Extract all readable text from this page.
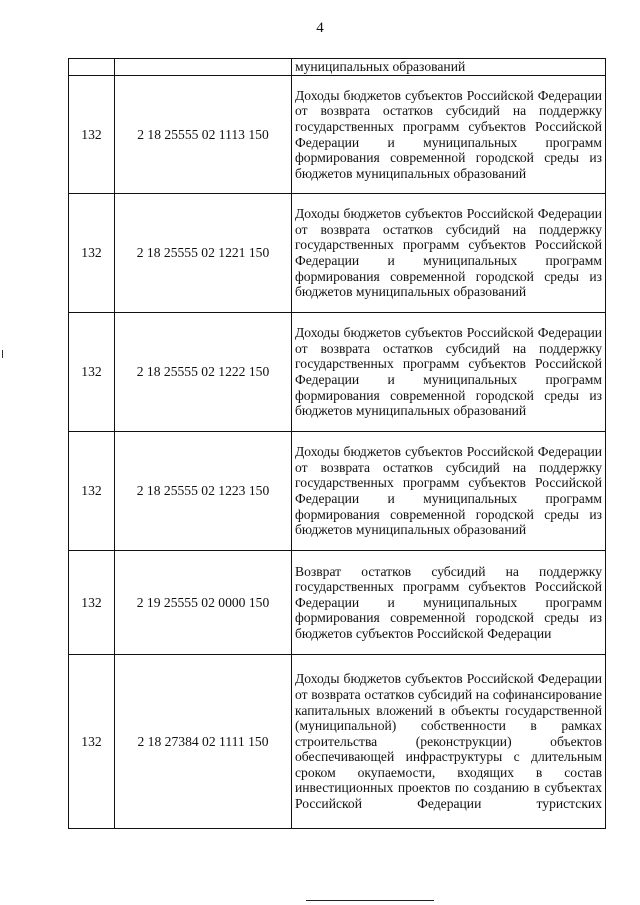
4

		муниципальных образований

132	2 18 25555 02 1113 150	Доходы бюджетов субъектов Российской Федерации от возврата остатков субсидий на поддержку государственных программ субъектов Российской Федерации и муниципальных программ формирования современной городской среды из бюджетов муниципальных образований

132	2 18 25555 02 1221 150	Доходы бюджетов субъектов Российской Федерации от возврата остатков субсидий на поддержку государственных программ субъектов Российской Федерации и муниципальных программ формирования современной городской среды из бюджетов муниципальных образований

132	2 18 25555 02 1222 150	Доходы бюджетов субъектов Российской Федерации от возврата остатков субсидий на поддержку государственных программ субъектов Российской Федерации и муниципальных программ формирования современной городской среды из бюджетов муниципальных образований

132	2 18 25555 02 1223 150	Доходы бюджетов субъектов Российской Федерации от возврата остатков субсидий на поддержку государственных программ субъектов Российской Федерации и муниципальных программ формирования современной городской среды из бюджетов муниципальных образований

132	2 19 25555 02 0000 150	Возврат остатков субсидий на поддержку государственных программ субъектов Российской Федерации и муниципальных программ формирования современной городской среды из бюджетов субъектов Российской Федерации

132	2 18 27384 02 1111 150	Доходы бюджетов субъектов Российской Федерации от возврата остатков субсидий на софинансирование капитальных вложений в объекты государственной (муниципальной) собственности в рамках строительства (реконструкции) объектов обеспечивающей инфраструктуры с длительным сроком окупаемости, входящих в состав инвестиционных проектов по созданию в субъектах Российской Федерации туристских
